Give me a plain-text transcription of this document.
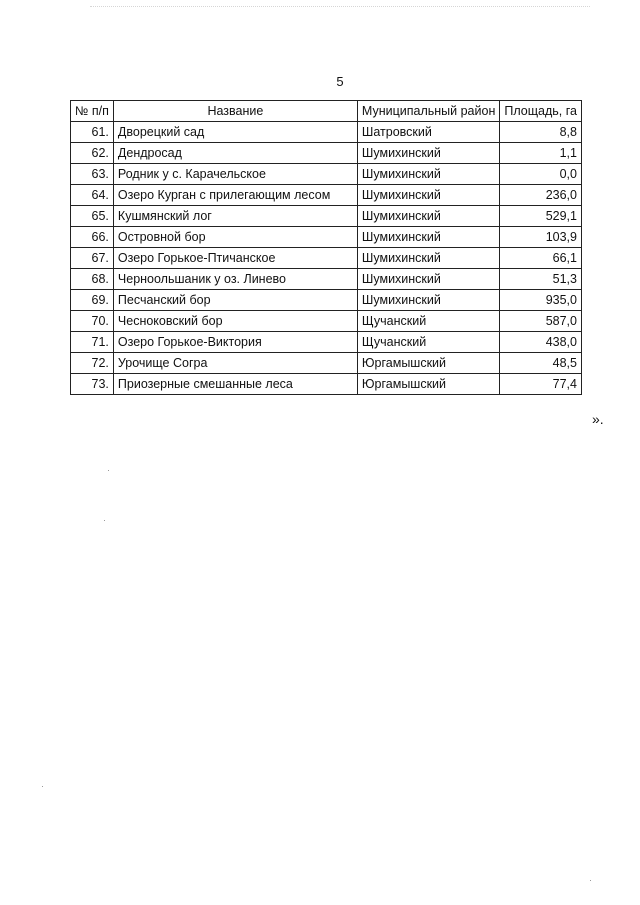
5
№ п/п	Название	Муниципальный район	Площадь, га
61.	Дворецкий сад	Шатровский	8,8
62.	Дендросад	Шумихинский	1,1
63.	Родник у с. Карачельское	Шумихинский	0,0
64.	Озеро Курган с прилегающим лесом	Шумихинский	236,0
65.	Кушмянский лог	Шумихинский	529,1
66.	Островной бор	Шумихинский	103,9
67.	Озеро Горькое-Птичанское	Шумихинский	66,1
68.	Черноольшаник у оз. Линево	Шумихинский	51,3
69.	Песчанский бор	Шумихинский	935,0
70.	Чесноковский бор	Щучанский	587,0
71.	Озеро Горькое-Виктория	Щучанский	438,0
72.	Урочище Согра	Юргамышский	48,5
73.	Приозерные смешанные леса	Юргамышский	77,4
».
